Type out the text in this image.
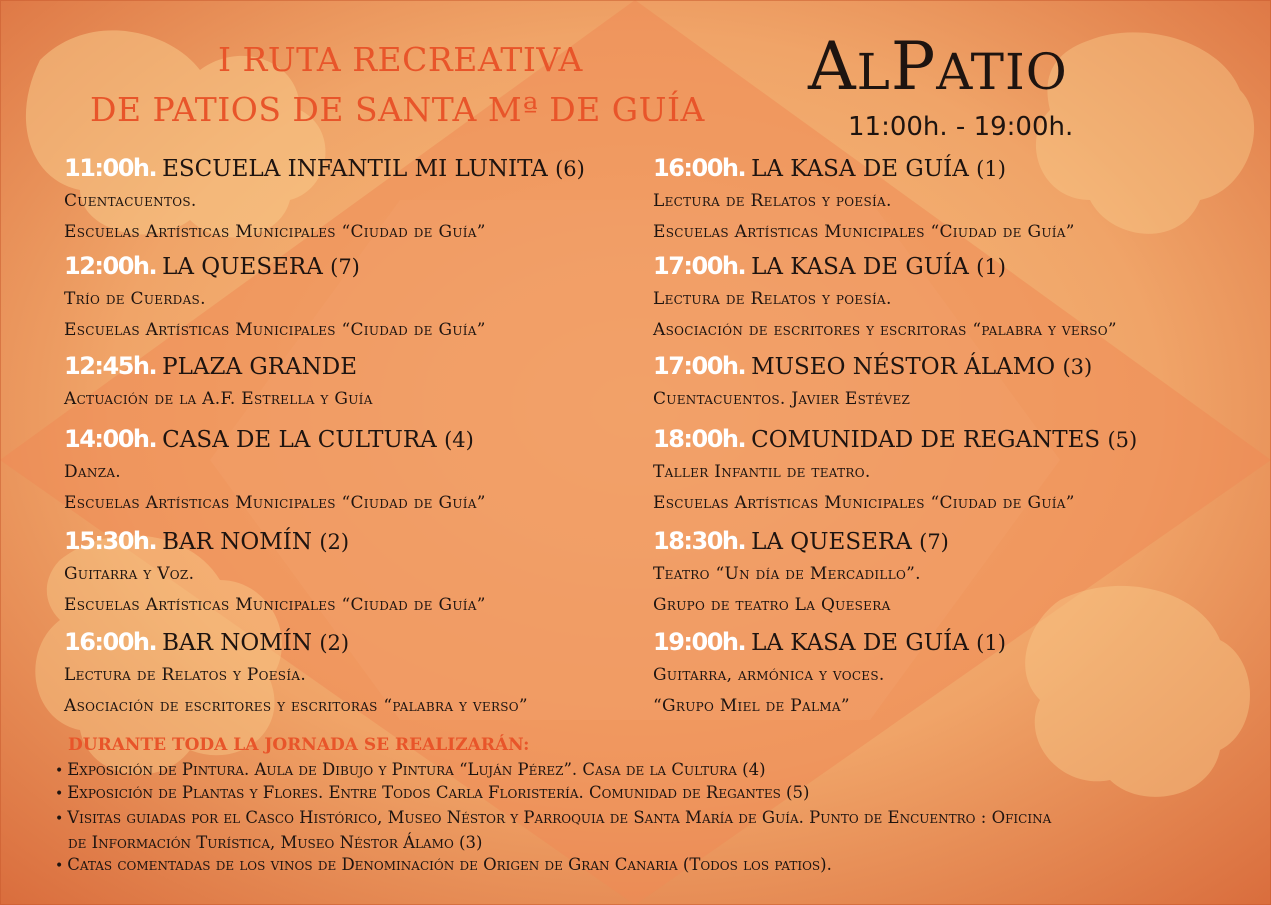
I RUTA RECREATIVA
DE PATIOS DE SANTA Mª DE GUÍA
ALPATIO
11:00h. - 19:00h.
11:00h. ESCUELA INFANTIL MI LUNITA (6)
Cuentacuentos.
Escuelas Artísticas Municipales “Ciudad de Guía”
12:00h. LA QUESERA (7)
Trío de Cuerdas.
Escuelas Artísticas Municipales “Ciudad de Guía”
12:45h. PLAZA GRANDE
Actuación de la A.F. Estrella y Guía
14:00h. CASA DE LA CULTURA (4)
Danza.
Escuelas Artísticas Municipales “Ciudad de Guía”
15:30h. BAR NOMÍN (2)
Guitarra y Voz.
Escuelas Artísticas Municipales “Ciudad de Guía”
16:00h. BAR NOMÍN (2)
Lectura de Relatos y Poesía.
Asociación de escritores y escritoras “palabra y verso”
16:00h. LA KASA DE GUÍA (1)
Lectura de Relatos y poesía.
Escuelas Artísticas Municipales “Ciudad de Guía”
17:00h. LA KASA DE GUÍA (1)
Lectura de Relatos y poesía.
Asociación de escritores y escritoras “palabra y verso”
17:00h. MUSEO NÉSTOR ÁLAMO (3)
Cuentacuentos. Javier Estévez
18:00h. COMUNIDAD DE REGANTES (5)
Taller Infantil de teatro.
Escuelas Artísticas Municipales “Ciudad de Guía”
18:30h. LA QUESERA (7)
Teatro “Un día de Mercadillo”.
Grupo de teatro La Quesera
19:00h. LA KASA DE GUÍA (1)
Guitarra, armónica y voces.
“Grupo Miel de Palma”
DURANTE TODA LA JORNADA SE REALIZARÁN:
• Exposición de Pintura. Aula de Dibujo y Pintura “Luján Pérez”. Casa de la Cultura (4)
• Exposición de Plantas y Flores. Entre Todos Carla Floristería. Comunidad de Regantes (5)
• Visitas guiadas por el Casco Histórico, Museo Néstor y Parroquia de Santa María de Guía. Punto de Encuentro : Oficina
de Información Turística, Museo Néstor Álamo (3)
• Catas comentadas de los vinos de Denominación de Origen de Gran Canaria (Todos los patios).
